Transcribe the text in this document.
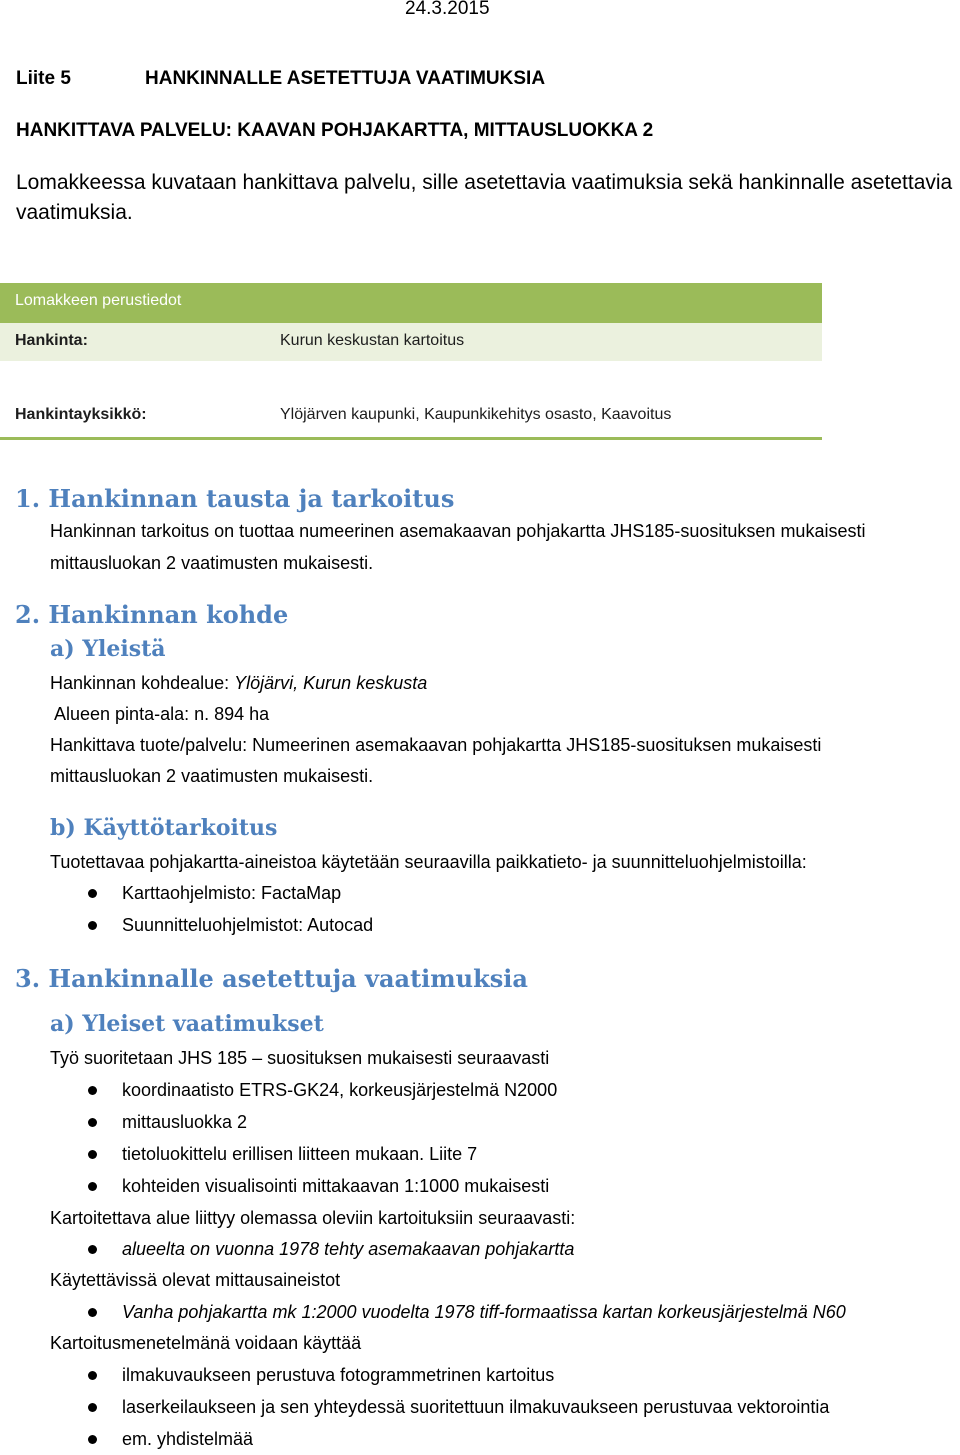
24.3.2015
Liite 5	HANKINNALLE ASETETTUJA VAATIMUKSIA
HANKITTAVA PALVELU: KAAVAN POHJAKARTTA, MITTAUSLUOKKA 2
Lomakkeessa kuvataan hankittava palvelu, sille asetettavia vaatimuksia sekä hankinnalle asetettavia vaatimuksia.
Lomakkeen perustiedot
Hankinta:	Kurun keskustan kartoitus
Hankintayksikkö:	Ylöjärven kaupunki, Kaupunkikehitys osasto, Kaavoitus
1. Hankinnan tausta ja tarkoitus
Hankinnan tarkoitus on tuottaa numeerinen asemakaavan pohjakartta JHS185-suosituksen mukaisesti
mittausluokan 2 vaatimusten mukaisesti.
2. Hankinnan kohde
a) Yleistä
Hankinnan kohdealue: Ylöjärvi, Kurun keskusta
Alueen pinta-ala: n. 894 ha
Hankittava tuote/palvelu: Numeerinen asemakaavan pohjakartta JHS185-suosituksen mukaisesti
mittausluokan 2 vaatimusten mukaisesti.
b) Käyttötarkoitus
Tuotettavaa pohjakartta-aineistoa käytetään seuraavilla paikkatieto- ja suunnitteluohjelmistoilla:
Karttaohjelmisto: FactaMap
Suunnitteluohjelmistot: Autocad
3. Hankinnalle asetettuja vaatimuksia
a) Yleiset vaatimukset
Työ suoritetaan JHS 185 – suosituksen mukaisesti seuraavasti
koordinaatisto ETRS-GK24, korkeusjärjestelmä N2000
mittausluokka 2
tietoluokittelu erillisen liitteen mukaan. Liite 7
kohteiden visualisointi mittakaavan 1:1000 mukaisesti
Kartoitettava alue liittyy olemassa oleviin kartoituksiin seuraavasti:
alueelta on vuonna 1978 tehty asemakaavan pohjakartta
Käytettävissä olevat mittausaineistot
Vanha pohjakartta mk 1:2000 vuodelta 1978 tiff-formaatissa kartan korkeusjärjestelmä N60
Kartoitusmenetelmänä voidaan käyttää
ilmakuvaukseen perustuva fotogrammetrinen kartoitus
laserkeilaukseen ja sen yhteydessä suoritettuun ilmakuvaukseen perustuvaa vektorointia
em. yhdistelmää
